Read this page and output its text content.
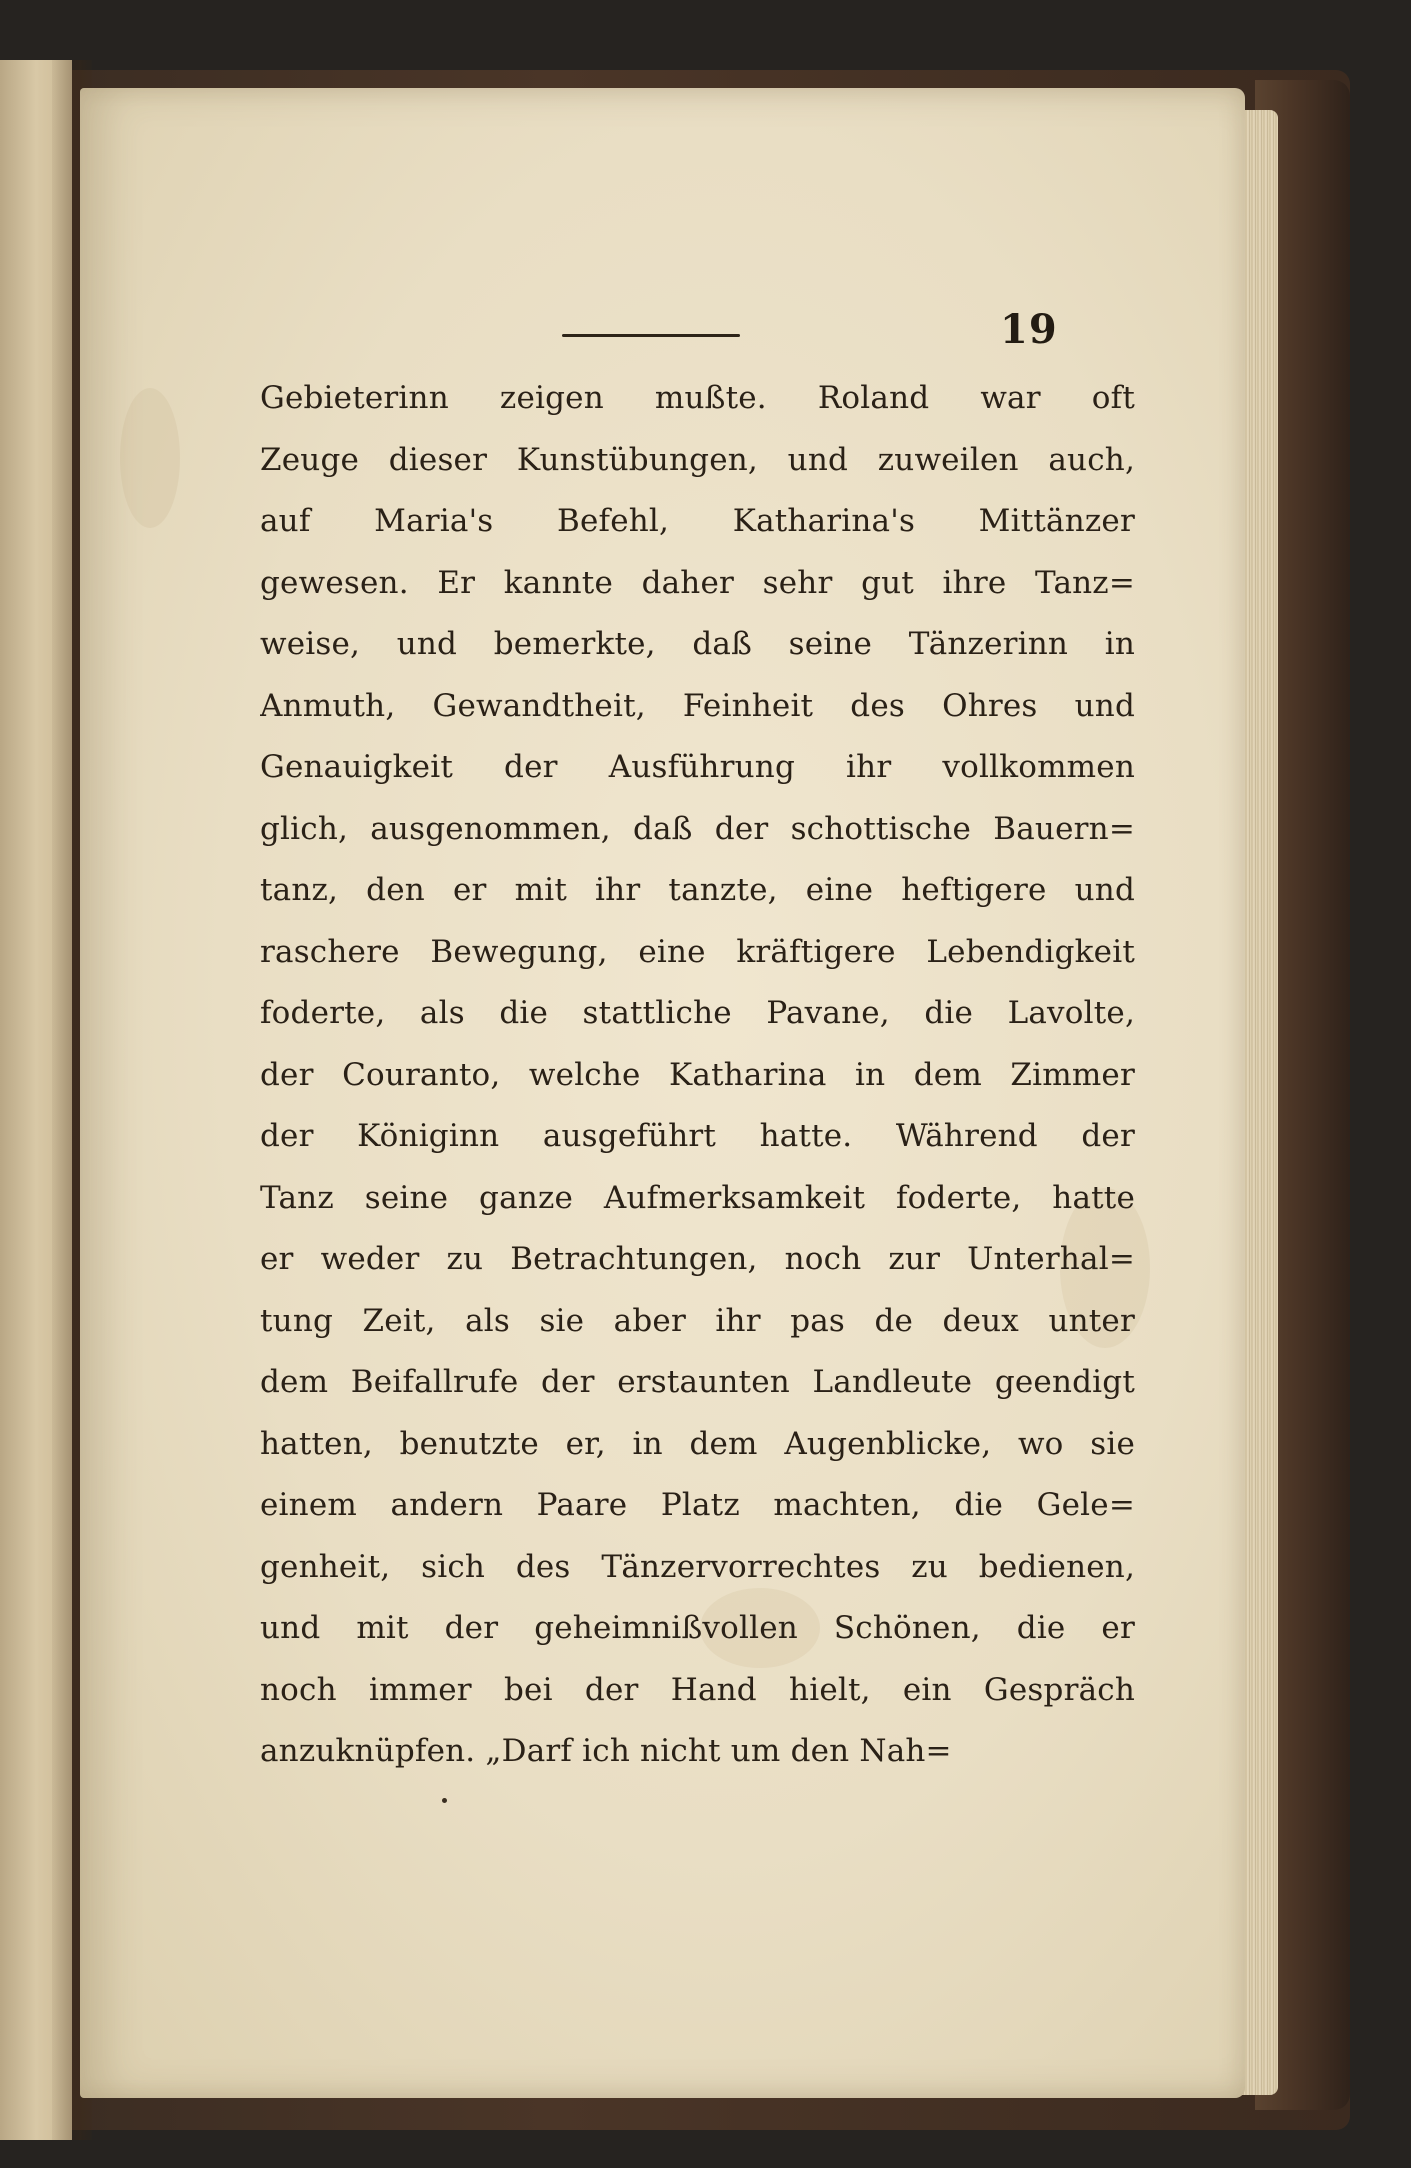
19
Gebieterinn zeigen mußte. Roland war oft
Zeuge dieser Kunstübungen, und zuweilen auch,
auf Maria's Befehl, Katharina's Mittänzer
gewesen. Er kannte daher sehr gut ihre Tanz=
weise, und bemerkte, daß seine Tänzerinn in
Anmuth, Gewandtheit, Feinheit des Ohres und
Genauigkeit der Ausführung ihr vollkommen
glich, ausgenommen, daß der schottische Bauern=
tanz, den er mit ihr tanzte, eine heftigere und
raschere Bewegung, eine kräftigere Lebendigkeit
foderte, als die stattliche Pavane, die Lavolte,
der Couranto, welche Katharina in dem Zimmer
der Königinn ausgeführt hatte. Während der
Tanz seine ganze Aufmerksamkeit foderte, hatte
er weder zu Betrachtungen, noch zur Unterhal=
tung Zeit, als sie aber ihr pas de deux unter
dem Beifallrufe der erstaunten Landleute geendigt
hatten, benutzte er, in dem Augenblicke, wo sie
einem andern Paare Platz machten, die Gele=
genheit, sich des Tänzervorrechtes zu bedienen,
und mit der geheimnißvollen Schönen, die er
noch immer bei der Hand hielt, ein Gespräch
anzuknüpfen. „Darf ich nicht um den Nah=
